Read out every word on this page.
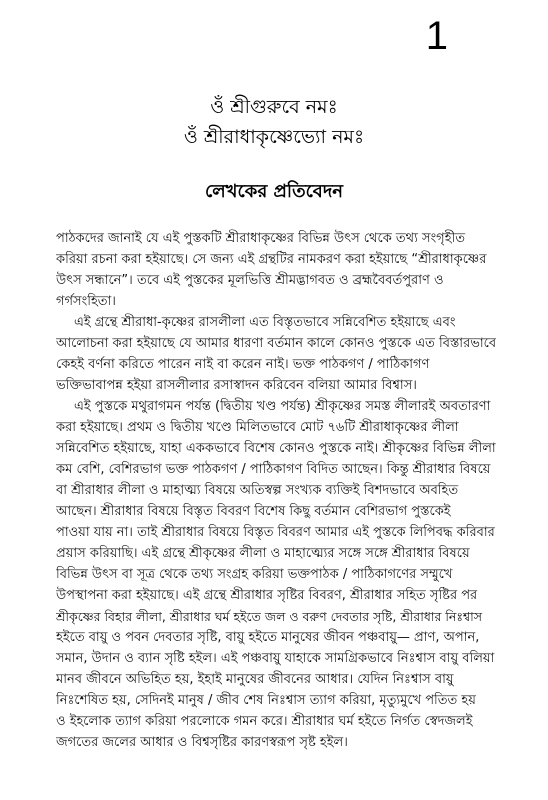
1
ওঁ শ্রীগুরুবে নমঃ
ওঁ শ্রীরাধাকৃষ্ণেভ্যো নমঃ
লেখকের প্রতিবেদন
পাঠকদের জানাই যে এই পুস্তকটি শ্রীরাধাকৃষ্ণের বিভিন্ন উৎস থেকে তথ্য সংগৃহীত
করিয়া রচনা করা হইয়াছে। সে জন্য এই গ্রন্থটির নামকরণ করা হইয়াছে “শ্রীরাধাকৃষ্ণের
উৎস সন্ধানে”। তবে এই পুস্তকের মূলভিত্তি শ্রীমদ্ভাগবত ও ব্রহ্মবৈবর্তপুরাণ ও
গর্গসংহিতা।
এই গ্রন্থে শ্রীরাধা-কৃষ্ণের রাসলীলা এত বিস্তৃতভাবে সন্নিবেশিত হইয়াছে এবং
আলোচনা করা হইয়াছে যে আমার ধারণা বর্তমান কালে কোনও পুস্তকে এত বিস্তারভাবে
কেহই বর্ণনা করিতে পারেন নাই বা করেন নাই। ভক্ত পাঠকগণ / পাঠিকাগণ
ভক্তিভাবাপন্ন হইয়া রাসলীলার রসাস্বাদন করিবেন বলিয়া আমার বিশ্বাস।
এই পুস্তকে মথুরাগমন পর্যন্ত (দ্বিতীয় খণ্ড পর্যন্ত) শ্রীকৃষ্ণের সমস্ত লীলারই অবতারণা
করা হইয়াছে। প্রথম ও দ্বিতীয় খণ্ডে মিলিতভাবে মোট ৭৬টি শ্রীরাধাকৃষ্ণের লীলা
সন্নিবেশিত হইয়াছে, যাহা এককভাবে বিশেষ কোনও পুস্তকে নাই। শ্রীকৃষ্ণের বিভিন্ন লীলা
কম বেশি, বেশিরভাগ ভক্ত পাঠকগণ / পাঠিকাগণ বিদিত আছেন। কিন্তু শ্রীরাধার বিষয়ে
বা শ্রীরাধার লীলা ও মাহাত্ম্য বিষয়ে অতিস্বল্প সংখ্যক ব্যক্তিই বিশদভাবে অবহিত
আছেন। শ্রীরাধার বিষয়ে বিস্তৃত বিবরণ বিশেষ কিছু বর্তমান বেশিরভাগ পুস্তকেই
পাওয়া যায় না। তাই শ্রীরাধার বিষয়ে বিস্তৃত বিবরণ আমার এই পুস্তকে লিপিবদ্ধ করিবার
প্রয়াস করিয়াছি। এই গ্রন্থে শ্রীকৃষ্ণের লীলা ও মাহাত্ম্যের সঙ্গে সঙ্গে শ্রীরাধার বিষয়ে
বিভিন্ন উৎস বা সূত্র থেকে তথ্য সংগ্রহ করিয়া ভক্তপাঠক / পাঠিকাগণের সম্মুখে
উপস্থাপনা করা হইয়াছে। এই গ্রন্থে শ্রীরাধার সৃষ্টির বিবরণ, শ্রীরাধার সহিত সৃষ্টির পর
শ্রীকৃষ্ণের বিহার লীলা, শ্রীরাধার ঘর্ম হইতে জল ও বরুণ দেবতার সৃষ্টি, শ্রীরাধার নিঃশ্বাস
হইতে বায়ু ও পবন দেবতার সৃষ্টি, বায়ু হইতে মানুষের জীবন পঞ্চবায়ু— প্রাণ, অপান,
সমান, উদান ও ব্যান সৃষ্টি হইল। এই পঞ্চবায়ু যাহাকে সামগ্রিকভাবে নিঃশ্বাস বায়ু বলিয়া
মানব জীবনে অভিহিত হয়, ইহাই মানুষের জীবনের আধার। যেদিন নিঃশ্বাস বায়ু
নিঃশেষিত হয়, সেদিনই মানুষ / জীব শেষ নিঃশ্বাস ত্যাগ করিয়া, মৃত্যুমুখে পতিত হয়
ও ইহলোক ত্যাগ করিয়া পরলোকে গমন করে। শ্রীরাধার ঘর্ম হইতে নির্গত স্বেদজলই
জগতের জলের আধার ও বিশ্বসৃষ্টির কারণস্বরূপ সৃষ্ট হইল।
